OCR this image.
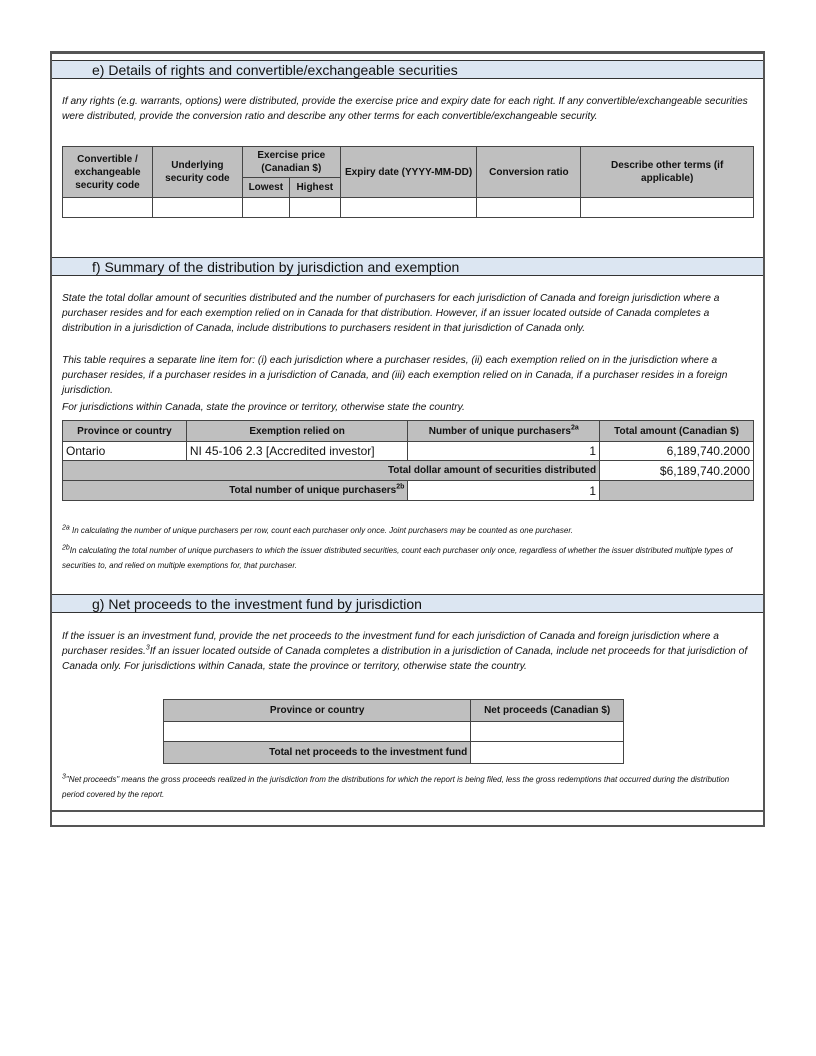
e) Details of rights and convertible/exchangeable securities
If any rights (e.g. warrants, options) were distributed, provide the exercise price and expiry date for each right. If any convertible/exchangeable securities were distributed, provide the conversion ratio and describe any other terms for each convertible/exchangeable security.
Convertible / exchangeable security code	Underlying security code	Exercise price (Canadian $)		Expiry date (YYYY-MM-DD)	Conversion ratio	Describe other terms (if applicable)
		Lowest	Highest			

f) Summary of the distribution by jurisdiction and exemption
State the total dollar amount of securities distributed and the number of purchasers for each jurisdiction of Canada and foreign jurisdiction where a purchaser resides and for each exemption relied on in Canada for that distribution. However, if an issuer located outside of Canada completes a distribution in a jurisdiction of Canada, include distributions to purchasers resident in that jurisdiction of Canada only.
This table requires a separate line item for: (i) each jurisdiction where a purchaser resides, (ii) each exemption relied on in the jurisdiction where a purchaser resides, if a purchaser resides in a jurisdiction of Canada, and (iii) each exemption relied on in Canada, if a purchaser resides in a foreign jurisdiction.
For jurisdictions within Canada, state the province or territory, otherwise state the country.
Province or country	Exemption relied on	Number of unique purchasers$^{2a}$	Total amount (Canadian $)
Ontario	NI 45-106 2.3 [Accredited investor]	1	6,189,740.2000
Total dollar amount of securities distributed			$6,189,740.2000
Total number of unique purchasers$^{2b}$		1	
$^{2a}$ In calculating the number of unique purchasers per row, count each purchaser only once. Joint purchasers may be counted as one purchaser.
$^{2b}$In calculating the total number of unique purchasers to which the issuer distributed securities, count each purchaser only once, regardless of whether the issuer distributed multiple types of securities to, and relied on multiple exemptions for, that purchaser.
g) Net proceeds to the investment fund by jurisdiction
If the issuer is an investment fund, provide the net proceeds to the investment fund for each jurisdiction of Canada and foreign jurisdiction where a purchaser resides.$^3$If an issuer located outside of Canada completes a distribution in a jurisdiction of Canada, include net proceeds for that jurisdiction of Canada only. For jurisdictions within Canada, state the province or territory, otherwise state the country.
Province or country	Net proceeds (Canadian $)

Total net proceeds to the investment fund	
$^3$"Net proceeds" means the gross proceeds realized in the jurisdiction from the distributions for which the report is being filed, less the gross redemptions that occurred during the distribution period covered by the report.
